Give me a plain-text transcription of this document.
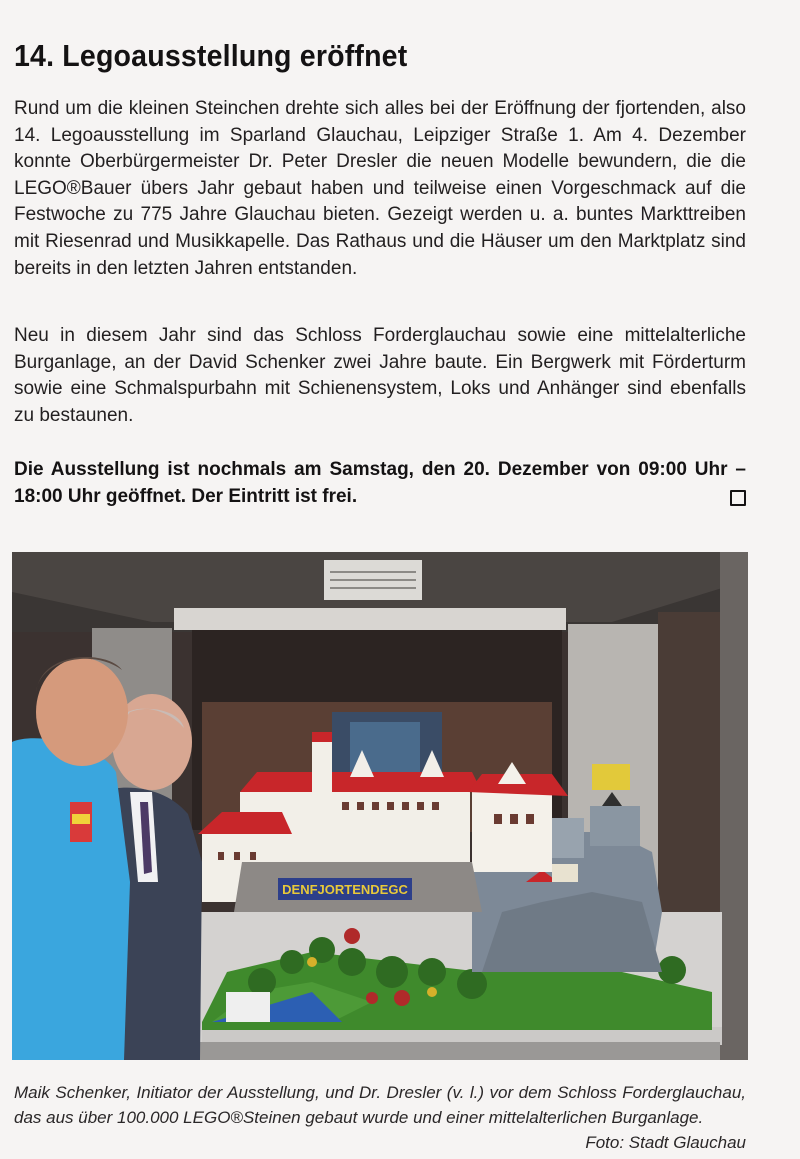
14. Legoausstellung eröffnet

Rund um die kleinen Steinchen drehte sich alles bei der Eröffnung der fjortenden, also 14. Legoausstellung im Sparland Glauchau, Leipziger Straße 1. Am 4. Dezember konnte Oberbürgermeister Dr. Peter Dresler die neuen Modelle bewundern, die die LEGO®Bauer übers Jahr gebaut haben und teilweise einen Vorgeschmack auf die Festwoche zu 775 Jahre Glauchau bieten. Gezeigt werden u. a. buntes Markttreiben mit Riesenrad und Musikkapelle. Das Rathaus und die Häuser um den Marktplatz sind bereits in den letzten Jahren entstanden.

Neu in diesem Jahr sind das Schloss Forderglauchau sowie eine mittelalterliche Burganlage, an der David Schenker zwei Jahre baute. Ein Bergwerk mit Förderturm sowie eine Schmalspurbahn mit Schienensystem, Loks und Anhänger sind ebenfalls zu bestaunen.

Die Ausstellung ist nochmals am Samstag, den 20. Dezember von 09:00 Uhr – 18:00 Uhr geöffnet. Der Eintritt ist frei.

DENFJORTENDEGC

Maik Schenker, Initiator der Ausstellung, und Dr. Dresler (v. l.) vor dem Schloss Forderglauchau, das aus über 100.000 LEGO®Steinen gebaut wurde und einer mittelalterlichen Burganlage.
Foto: Stadt Glauchau
